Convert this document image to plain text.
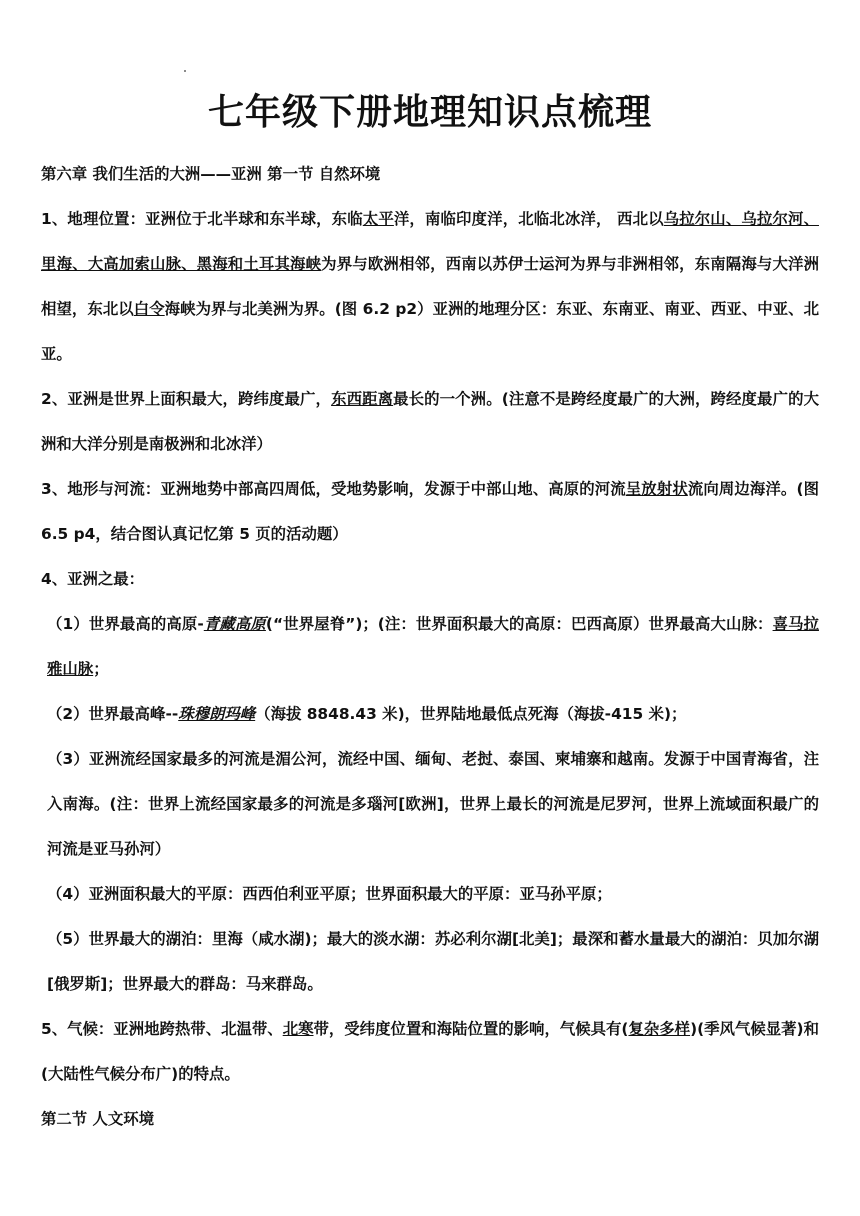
七年级下册地理知识点梳理

第六章 我们生活的大洲——亚洲 第一节 自然环境

1、地理位置：亚洲位于北半球和东半球，东临太平洋，南临印度洋，北临北冰洋， 西北以乌拉尔山、乌拉尔河、里海、大高加索山脉、黑海和土耳其海峡为界与欧洲相邻，西南以苏伊士运河为界与非洲相邻，东南隔海与大洋洲相望，东北以白令海峡为界与北美洲为界。(图 6.2 p2）亚洲的地理分区：东亚、东南亚、南亚、西亚、中亚、北亚。

2、亚洲是世界上面积最大，跨纬度最广，东西距离最长的一个洲。(注意不是跨经度最广的大洲，跨经度最广的大洲和大洋分别是南极洲和北冰洋）

3、地形与河流：亚洲地势中部高四周低，受地势影响，发源于中部山地、高原的河流呈放射状流向周边海洋。(图 6.5 p4，结合图认真记忆第 5 页的活动题）

4、亚洲之最：

（1）世界最高的高原-青藏高原(“世界屋脊”)；(注：世界面积最大的高原：巴西高原）世界最高大山脉：喜马拉雅山脉；

（2）世界最高峰--珠穆朗玛峰（海拔 8848.43 米)，世界陆地最低点死海（海拔-415 米)；

（3）亚洲流经国家最多的河流是湄公河，流经中国、缅甸、老挝、泰国、柬埔寨和越南。发源于中国青海省，注入南海。(注：世界上流经国家最多的河流是多瑙河[欧洲]，世界上最长的河流是尼罗河，世界上流域面积最广的河流是亚马孙河）

（4）亚洲面积最大的平原：西西伯利亚平原；世界面积最大的平原：亚马孙平原；

（5）世界最大的湖泊：里海（咸水湖)；最大的淡水湖：苏必利尔湖[北美]；最深和蓄水量最大的湖泊：贝加尔湖[俄罗斯]；世界最大的群岛：马来群岛。

5、气候：亚洲地跨热带、北温带、北寒带，受纬度位置和海陆位置的影响，气候具有(复杂多样)(季风气候显著)和(大陆性气候分布广)的特点。

第二节 人文环境
